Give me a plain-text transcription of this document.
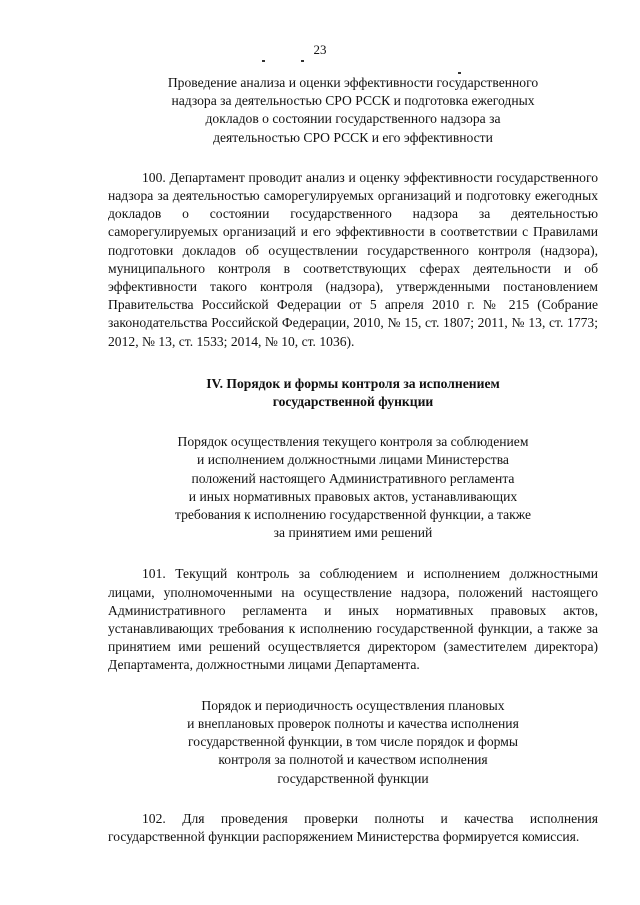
23
Проведение анализа и оценки эффективности государственного
надзора за деятельностью СРО РССК и подготовка ежегодных
докладов о состоянии государственного надзора за
деятельностью СРО РССК и его эффективности

100. Департамент проводит анализ и оценку эффективности государственного надзора за деятельностью саморегулируемых организаций и подготовку ежегодных докладов о состоянии государственного надзора за деятельностью саморегулируемых организаций и его эффективности в соответствии с Правилами подготовки докладов об осуществлении государственного контроля (надзора), муниципального контроля в соответствующих сферах деятельности и об эффективности такого контроля (надзора), утвержденными постановлением Правительства Российской Федерации от 5 апреля 2010 г. № 215 (Собрание законодательства Российской Федерации, 2010, № 15, ст. 1807; 2011, № 13, ст. 1773; 2012, № 13, ст. 1533; 2014, № 10, ст. 1036).

IV. Порядок и формы контроля за исполнением
государственной функции
Порядок осуществления текущего контроля за соблюдением
и исполнением должностными лицами Министерства
положений настоящего Административного регламента
и иных нормативных правовых актов, устанавливающих
требования к исполнению государственной функции, а также
за принятием ими решений

101. Текущий контроль за соблюдением и исполнением должностными лицами, уполномоченными на осуществление надзора, положений настоящего Административного регламента и иных нормативных правовых актов, устанавливающих требования к исполнению государственной функции, а также за принятием ими решений осуществляется директором (заместителем директора) Департамента, должностными лицами Департамента.

Порядок и периодичность осуществления плановых
и внеплановых проверок полноты и качества исполнения
государственной функции, в том числе порядок и формы
контроля за полнотой и качеством исполнения
государственной функции

102. Для проведения проверки полноты и качества исполнения государственной функции распоряжением Министерства формируется комиссия.
